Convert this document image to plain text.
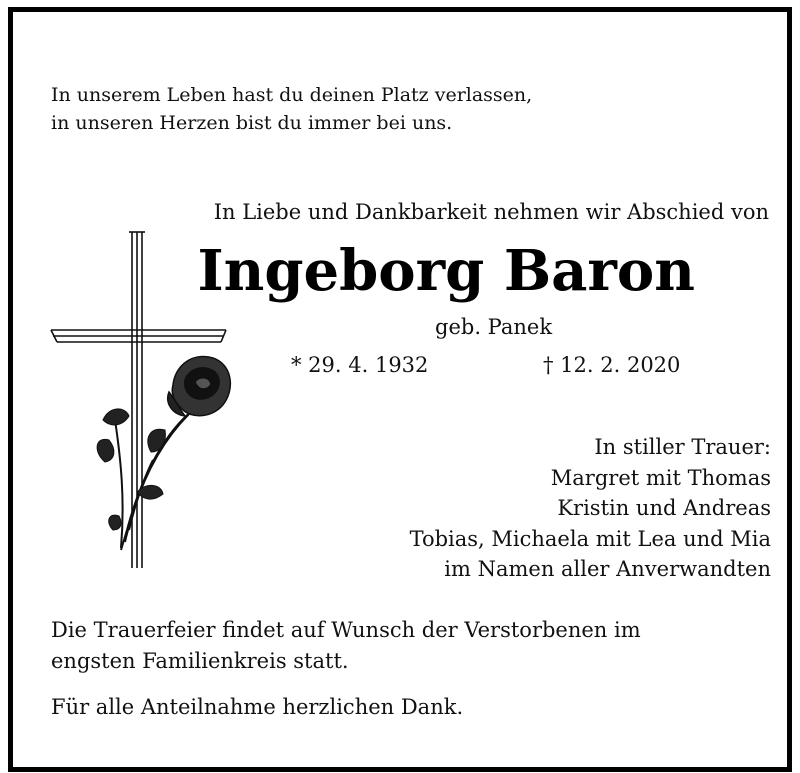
In unserem Leben hast du deinen Platz verlassen,
in unseren Herzen bist du immer bei uns.

In Liebe und Dankbarkeit nehmen wir Abschied von

Ingeborg Baron

geb. Panek

* 29. 4. 1932	† 12. 2. 2020

In stiller Trauer:
Margret mit Thomas
Kristin und Andreas
Tobias, Michaela mit Lea und Mia
im Namen aller Anverwandten

Die Trauerfeier findet auf Wunsch der Verstorbenen im
engsten Familienkreis statt.

Für alle Anteilnahme herzlichen Dank.
